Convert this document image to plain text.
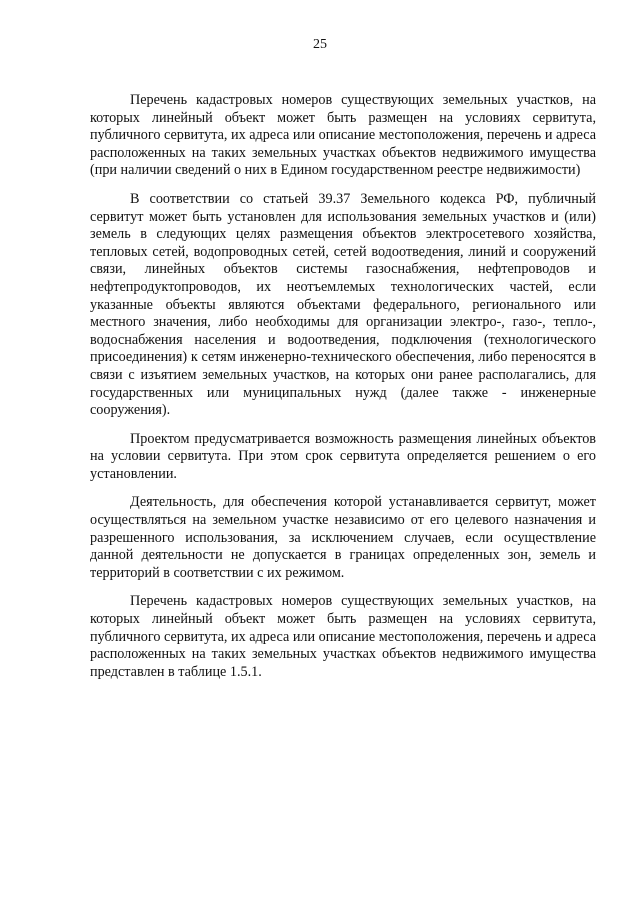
25

Перечень кадастровых номеров существующих земельных участков, на которых линейный объект может быть размещен на условиях сервитута, публичного сервитута, их адреса или описание местоположения, перечень и адреса расположенных на таких земельных участках объектов недвижимого имущества (при наличии сведений о них в Едином государственном реестре недвижимости)

В соответствии со статьей 39.37 Земельного кодекса РФ, публичный сервитут может быть установлен для использования земельных участков и (или) земель в следующих целях размещения объектов электросетевого хозяйства, тепловых сетей, водопроводных сетей, сетей водоотведения, линий и сооружений связи, линейных объектов системы газоснабжения, нефтепроводов и нефтепродуктопроводов, их неотъемлемых технологических частей, если указанные объекты являются объектами федерального, регионального или местного значения, либо необходимы для организации электро-, газо-, тепло-, водоснабжения населения и водоотведения, подключения (технологического присоединения) к сетям инженерно-технического обеспечения, либо переносятся в связи с изъятием земельных участков, на которых они ранее располагались, для государственных или муниципальных нужд (далее также - инженерные сооружения).

Проектом предусматривается возможность размещения линейных объектов на условии сервитута. При этом срок сервитута определяется решением о его установлении.

Деятельность, для обеспечения которой устанавливается сервитут, может осуществляться на земельном участке независимо от его целевого назначения и разрешенного использования, за исключением случаев, если осуществление данной деятельности не допускается в границах определенных зон, земель и территорий в соответствии с их режимом.

Перечень кадастровых номеров существующих земельных участков, на которых линейный объект может быть размещен на условиях сервитута, публичного сервитута, их адреса или описание местоположения, перечень и адреса расположенных на таких земельных участках объектов недвижимого имущества представлен в таблице 1.5.1.
